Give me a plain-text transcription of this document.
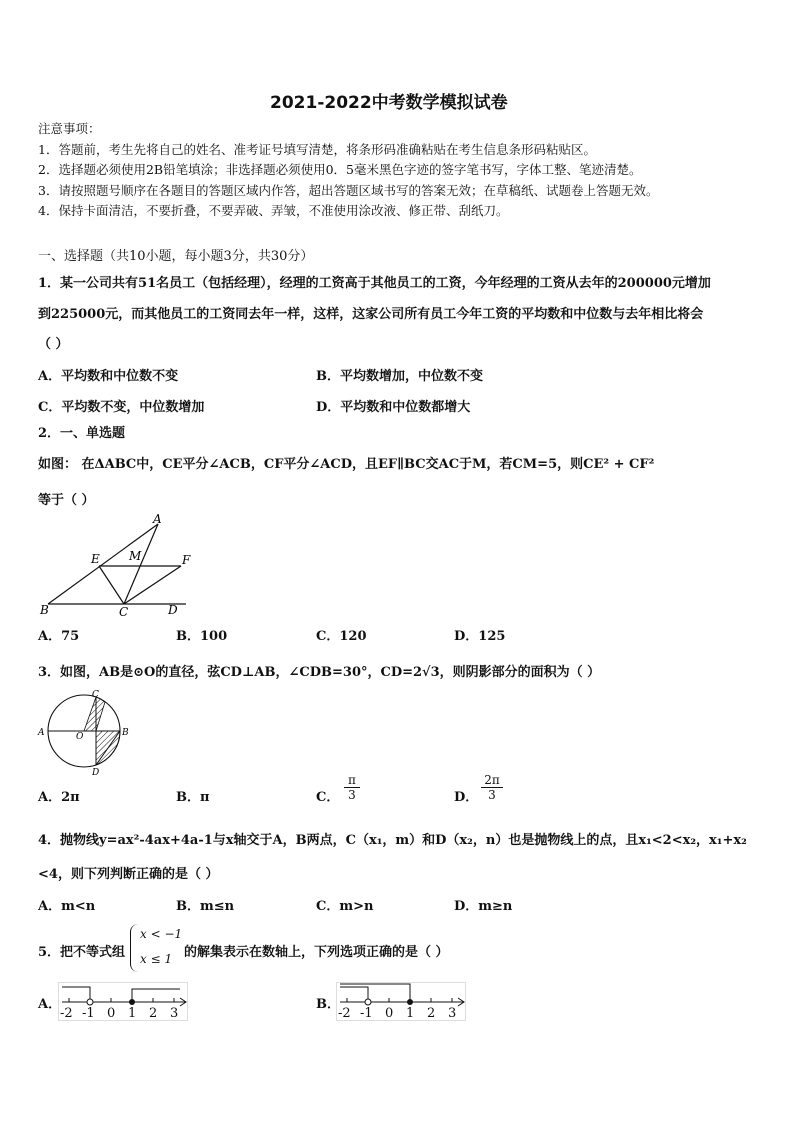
2021-2022中考数学模拟试卷
注意事项：
1．答题前，考生先将自己的姓名、准考证号填写清楚，将条形码准确粘贴在考生信息条形码粘贴区。
2．选择题必须使用2B铅笔填涂；非选择题必须使用0．5毫米黑色字迹的签字笔书写，字体工整、笔迹清楚。
3．请按照题号顺序在各题目的答题区域内作答，超出答题区域书写的答案无效；在草稿纸、试题卷上答题无效。
4．保持卡面清洁，不要折叠，不要弄破、弄皱，不准使用涂改液、修正带、刮纸刀。
一、选择题（共10小题，每小题3分，共30分）
1．某一公司共有51名员工（包括经理），经理的工资高于其他员工的工资，今年经理的工资从去年的200000元增加
到225000元，而其他员工的工资同去年一样，这样，这家公司所有员工今年工资的平均数和中位数与去年相比将会
（ ）
A．平均数和中位数不变	B．平均数增加，中位数不变
C．平均数不变，中位数增加	D．平均数和中位数都增大
2．一、单选题
如图： 在ΔABC中，CE平分∠ACB，CF平分∠ACD，且EF∥BC交AC于M，若CM=5，则CE² + CF²
等于（ ）
A
E M	F
B	C	D
A．75	B．100	C．120	D．125
3．如图，AB是⊙O的直径，弦CD⊥AB，∠CDB=30°，CD=2√3，则阴影部分的面积为（ ）
C
A	O	B
D
A．2π	B．π	C． $\frac{\pi}{3}$	D． $\frac{2\pi}{3}$
4．抛物线y=ax²-4ax+4a-1与x轴交于A，B两点，C（x₁，m）和D（x₂，n）也是抛物线上的点，且x₁<2<x₂，x₁+x₂
<4，则下列判断正确的是（ ）
A．m<n	B．m≤n	C．m>n	D．m≥n
5．把不等式组
x < −1
x ≤ 1 的解集表示在数轴上，下列选项正确的是（ ）
A．
-2 -1 0 1 2 3
B．
-2 -1 0 1 2 3
